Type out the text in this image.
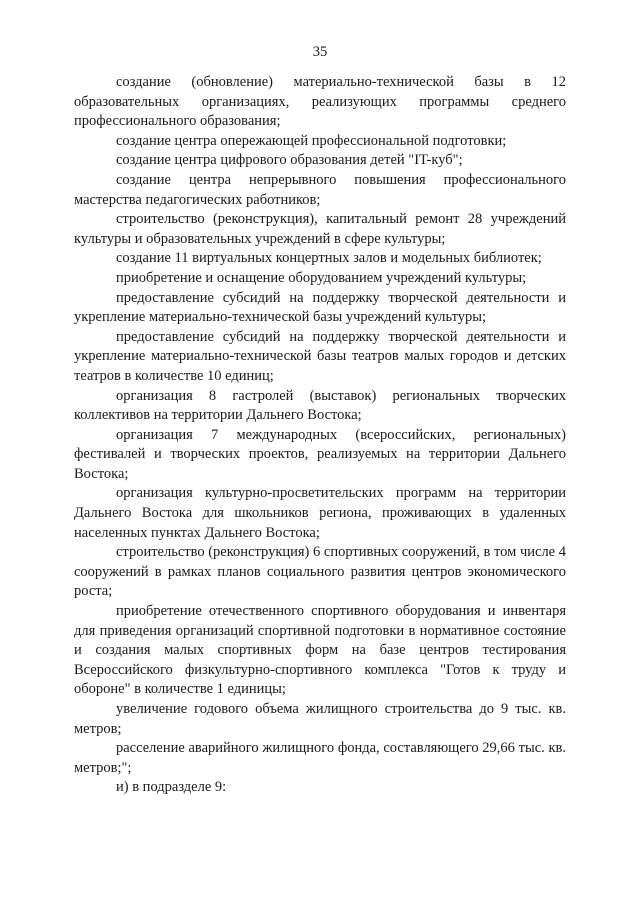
35

создание (обновление) материально-технической базы в 12 образовательных организациях, реализующих программы среднего профессионального образования;

создание центра опережающей профессиональной подготовки;

создание центра цифрового образования детей "IT-куб";

создание центра непрерывного повышения профессионального мастерства педагогических работников;

строительство (реконструкция), капитальный ремонт 28 учреждений культуры и образовательных учреждений в сфере культуры;

создание 11 виртуальных концертных залов и модельных библиотек;

приобретение и оснащение оборудованием учреждений культуры;

предоставление субсидий на поддержку творческой деятельности и укрепление материально-технической базы учреждений культуры;

предоставление субсидий на поддержку творческой деятельности и укрепление материально-технической базы театров малых городов и детских театров в количестве 10 единиц;

организация 8 гастролей (выставок) региональных творческих коллективов на территории Дальнего Востока;

организация 7 международных (всероссийских, региональных) фестивалей и творческих проектов, реализуемых на территории Дальнего Востока;

организация культурно-просветительских программ на территории Дальнего Востока для школьников региона, проживающих в удаленных населенных пунктах Дальнего Востока;

строительство (реконструкция) 6 спортивных сооружений, в том числе 4 сооружений в рамках планов социального развития центров экономического роста;

приобретение отечественного спортивного оборудования и инвентаря для приведения организаций спортивной подготовки в нормативное состояние и создания малых спортивных форм на базе центров тестирования Всероссийского физкультурно-спортивного комплекса "Готов к труду и обороне" в количестве 1 единицы;

увеличение годового объема жилищного строительства до 9 тыс. кв. метров;

расселение аварийного жилищного фонда, составляющего 29,66 тыс. кв. метров;";

и) в подразделе 9:
